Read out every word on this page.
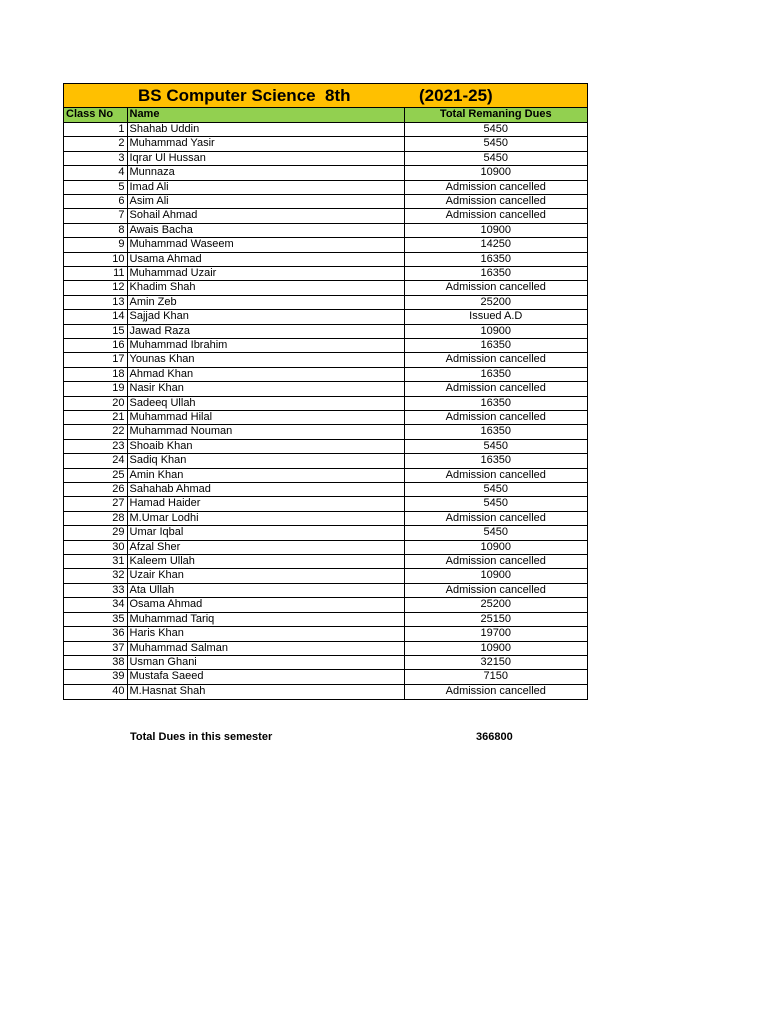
BS Computer Science  8th	(2021-25)
Class No	Name	Total Remaning Dues
1	Shahab Uddin	5450
2	Muhammad Yasir	5450
3	Iqrar Ul Hussan	5450
4	Munnaza	10900
5	Imad Ali	Admission cancelled
6	Asim Ali	Admission cancelled
7	Sohail Ahmad	Admission cancelled
8	Awais Bacha	10900
9	Muhammad Waseem	14250
10	Usama Ahmad	16350
11	Muhammad Uzair	16350
12	Khadim Shah	Admission cancelled
13	Amin Zeb	25200
14	Sajjad Khan	Issued A.D
15	Jawad Raza	10900
16	Muhammad Ibrahim	16350
17	Younas Khan	Admission cancelled
18	Ahmad Khan	16350
19	Nasir Khan	Admission cancelled
20	Sadeeq Ullah	16350
21	Muhammad Hilal	Admission cancelled
22	Muhammad Nouman	16350
23	Shoaib Khan	5450
24	Sadiq Khan	16350
25	Amin Khan	Admission cancelled
26	Sahahab Ahmad	5450
27	Hamad Haider	5450
28	M.Umar Lodhi	Admission cancelled
29	Umar Iqbal	5450
30	Afzal Sher	10900
31	Kaleem Ullah	Admission cancelled
32	Uzair Khan	10900
33	Ata Ullah	Admission cancelled
34	Osama Ahmad	25200
35	Muhammad Tariq	25150
36	Haris Khan	19700
37	Muhammad Salman	10900
38	Usman Ghani	32150
39	Mustafa Saeed	7150
40	M.Hasnat Shah	Admission cancelled
Total Dues in this semester	366800
